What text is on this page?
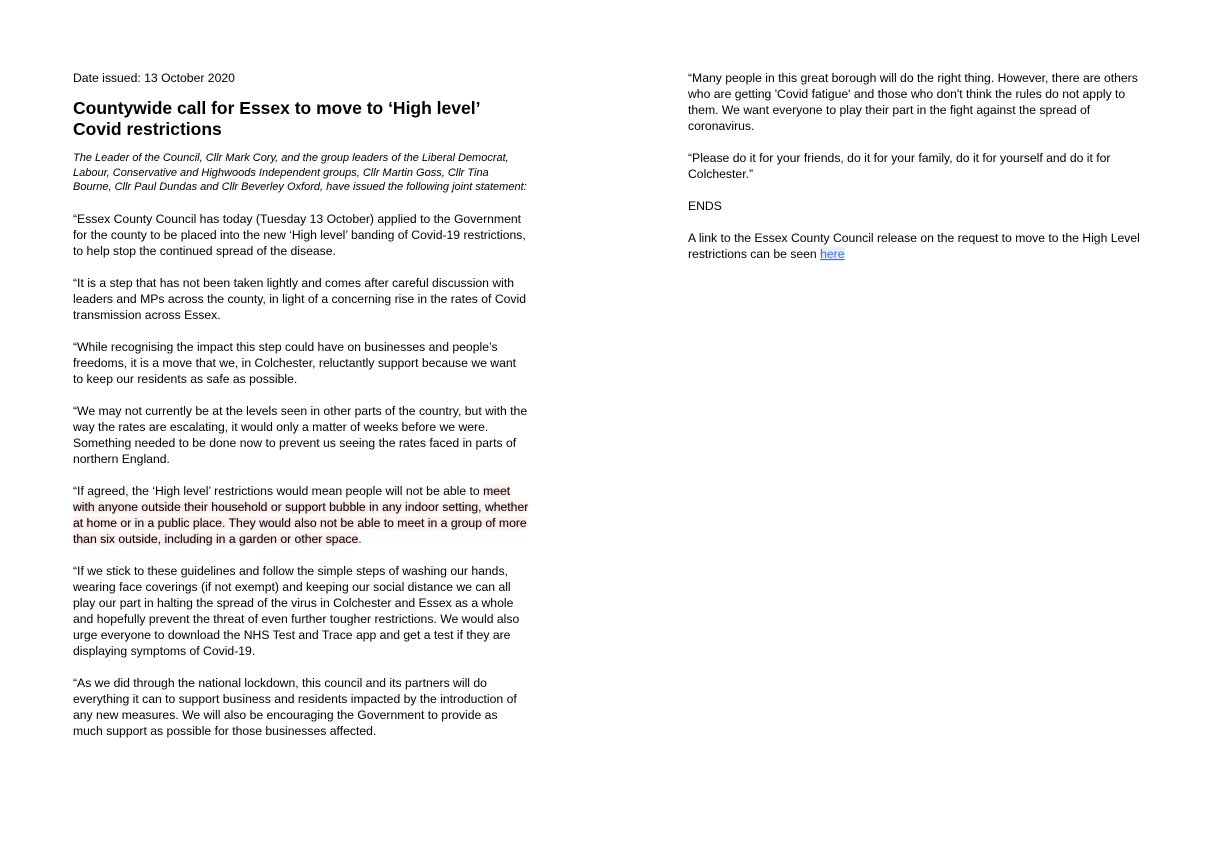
Date issued: 13 October 2020

Countywide call for Essex to move to ‘High level’ Covid restrictions

The Leader of the Council, Cllr Mark Cory, and the group leaders of the Liberal Democrat, Labour, Conservative and Highwoods Independent groups, Cllr Martin Goss, Cllr Tina Bourne, Cllr Paul Dundas and Cllr Beverley Oxford, have issued the following joint statement:

“Essex County Council has today (Tuesday 13 October) applied to the Government for the county to be placed into the new ‘High level’ banding of Covid-19 restrictions, to help stop the continued spread of the disease.

“It is a step that has not been taken lightly and comes after careful discussion with leaders and MPs across the county, in light of a concerning rise in the rates of Covid transmission across Essex.

“While recognising the impact this step could have on businesses and people’s freedoms, it is a move that we, in Colchester, reluctantly support because we want to keep our residents as safe as possible.

“We may not currently be at the levels seen in other parts of the country, but with the way the rates are escalating, it would only a matter of weeks before we were. Something needed to be done now to prevent us seeing the rates faced in parts of northern England.

“If agreed, the ‘High level’ restrictions would mean people will not be able to meet with anyone outside their household or support bubble in any indoor setting, whether at home or in a public place. They would also not be able to meet in a group of more than six outside, including in a garden or other space.

“If we stick to these guidelines and follow the simple steps of washing our hands, wearing face coverings (if not exempt) and keeping our social distance we can all play our part in halting the spread of the virus in Colchester and Essex as a whole and hopefully prevent the threat of even further tougher restrictions. We would also urge everyone to download the NHS Test and Trace app and get a test if they are displaying symptoms of Covid-19.

“As we did through the national lockdown, this council and its partners will do everything it can to support business and residents impacted by the introduction of any new measures. We will also be encouraging the Government to provide as much support as possible for those businesses affected.

“Many people in this great borough will do the right thing. However, there are others who are getting 'Covid fatigue' and those who don't think the rules do not apply to them. We want everyone to play their part in the fight against the spread of coronavirus.

“Please do it for your friends, do it for your family, do it for yourself and do it for Colchester.”

ENDS

A link to the Essex County Council release on the request to move to the High Level restrictions can be seen here
